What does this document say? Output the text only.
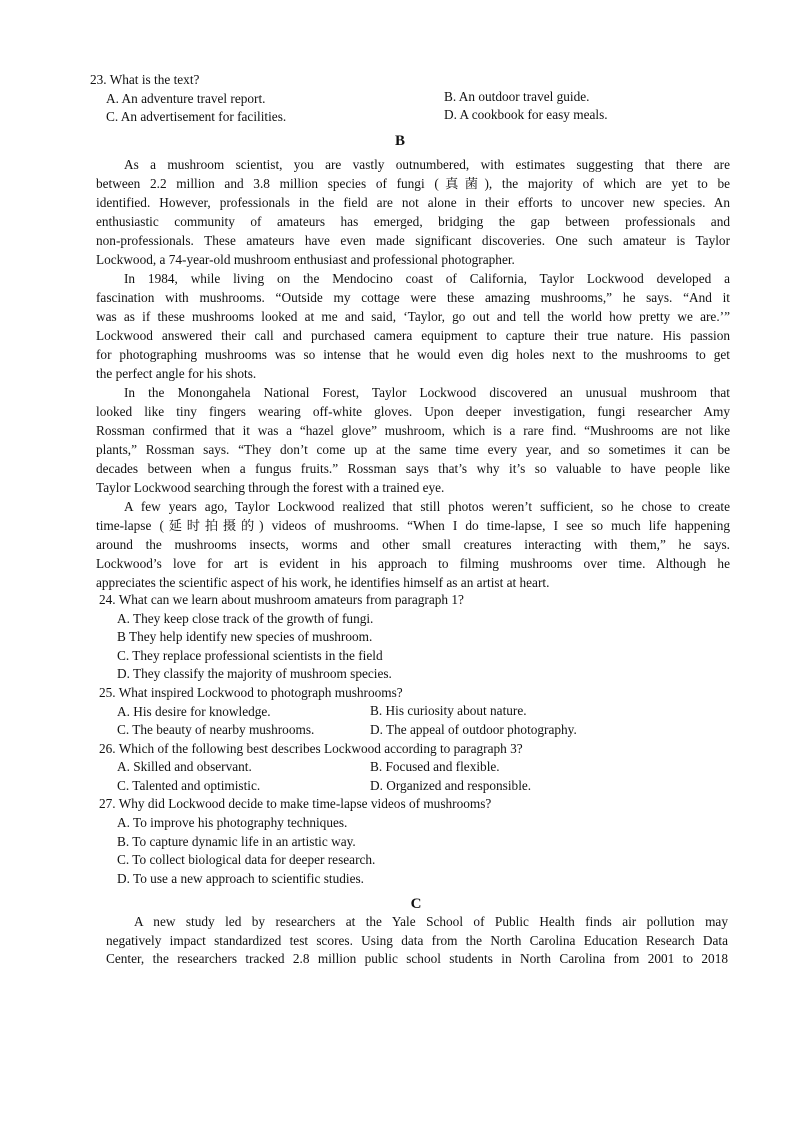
23. What is the text?
A. An adventure travel report.	B. An outdoor travel guide.
C. An advertisement for facilities.	D. A cookbook for easy meals.
B
As a mushroom scientist, you are vastly outnumbered, with estimates suggesting that there are
between 2.2 million and 3.8 million species of fungi (真菌), the majority of which are yet to be
identified. However, professionals in the field are not alone in their efforts to uncover new species. An
enthusiastic community of amateurs has emerged, bridging the gap between professionals and
non-professionals. These amateurs have even made significant discoveries. One such amateur is Taylor
Lockwood, a 74-year-old mushroom enthusiast and professional photographer.
In 1984, while living on the Mendocino coast of California, Taylor Lockwood developed a
fascination with mushrooms. “Outside my cottage were these amazing mushrooms,” he says. “And it
was as if these mushrooms looked at me and said, ‘Taylor, go out and tell the world how pretty we are.’”
Lockwood answered their call and purchased camera equipment to capture their true nature. His passion
for photographing mushrooms was so intense that he would even dig holes next to the mushrooms to get
the perfect angle for his shots.
In the Monongahela National Forest, Taylor Lockwood discovered an unusual mushroom that
looked like tiny fingers wearing off-white gloves. Upon deeper investigation, fungi researcher Amy
Rossman confirmed that it was a “hazel glove” mushroom, which is a rare find. “Mushrooms are not like
plants,” Rossman says. “They don’t come up at the same time every year, and so sometimes it can be
decades between when a fungus fruits.” Rossman says that’s why it’s so valuable to have people like
Taylor Lockwood searching through the forest with a trained eye.
A few years ago, Taylor Lockwood realized that still photos weren’t sufficient, so he chose to create
time-lapse (延时拍摄的) videos of mushrooms. “When I do time-lapse, I see so much life happening
around the mushrooms insects, worms and other small creatures interacting with them,” he says.
Lockwood’s love for art is evident in his approach to filming mushrooms over time. Although he
appreciates the scientific aspect of his work, he identifies himself as an artist at heart.
24. What can we learn about mushroom amateurs from paragraph 1?
A. They keep close track of the growth of fungi.
B They help identify new species of mushroom.
C. They replace professional scientists in the field
D. They classify the majority of mushroom species.
25. What inspired Lockwood to photograph mushrooms?
A. His desire for knowledge.	B. His curiosity about nature.
C. The beauty of nearby mushrooms.	D. The appeal of outdoor photography.
26. Which of the following best describes Lockwood according to paragraph 3?
A. Skilled and observant.	B. Focused and flexible.
C. Talented and optimistic.	D. Organized and responsible.
27. Why did Lockwood decide to make time-lapse videos of mushrooms?
A. To improve his photography techniques.
B. To capture dynamic life in an artistic way.
C. To collect biological data for deeper research.
D. To use a new approach to scientific studies.
C
A new study led by researchers at the Yale School of Public Health finds air pollution may
negatively impact standardized test scores. Using data from the North Carolina Education Research Data
Center, the researchers tracked 2.8 million public school students in North Carolina from 2001 to 2018
